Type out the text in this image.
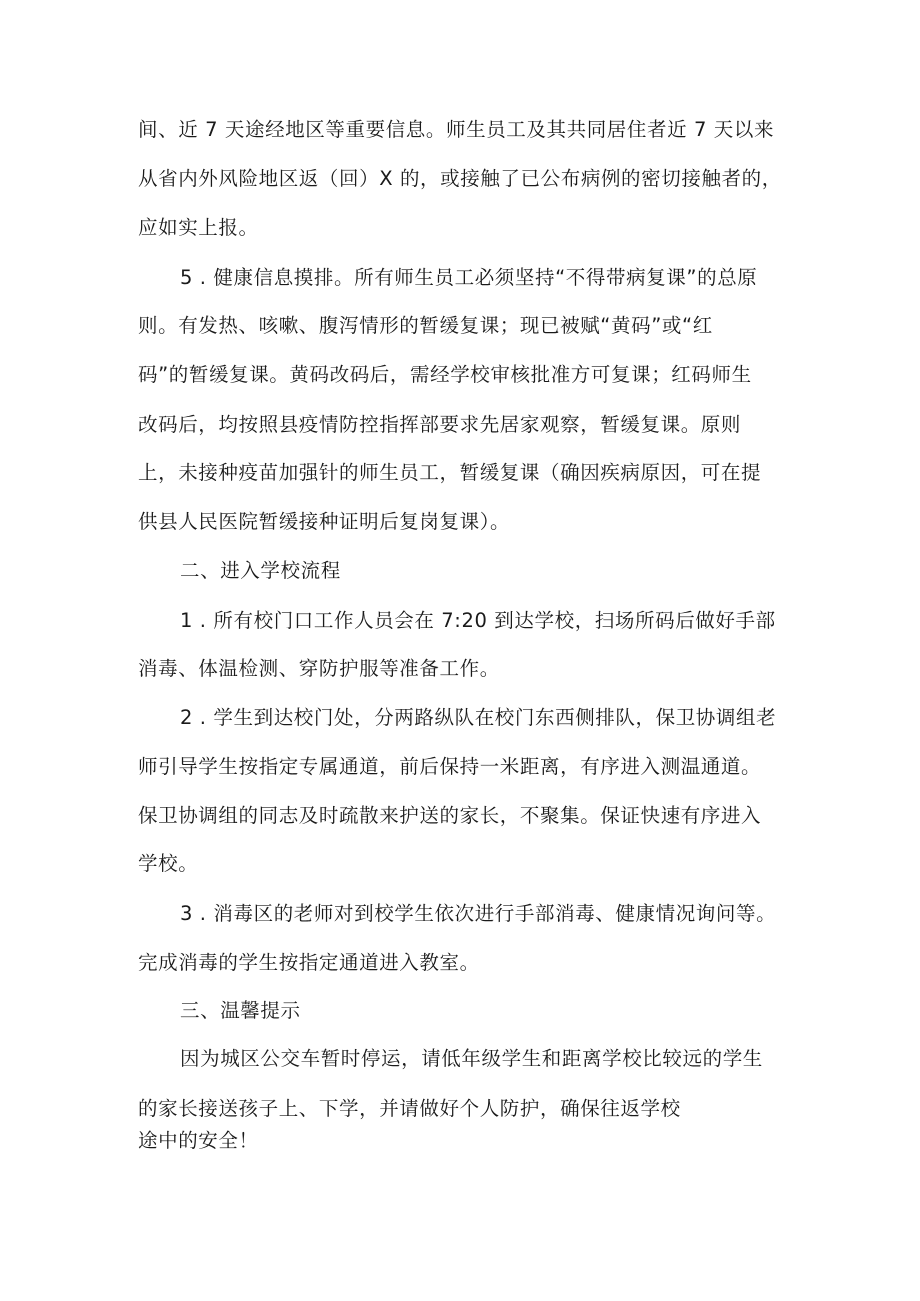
间、近 7 天途经地区等重要信息。师生员工及其共同居住者近 7 天以来
从省内外风险地区返（回）X 的，或接触了已公布病例的密切接触者的，
应如实上报。
5 . 健康信息摸排。所有师生员工必须坚持“不得带病复课”的总原
则。有发热、咳嗽、腹泻情形的暂缓复课；现已被赋“黄码”或“红
码”的暂缓复课。黄码改码后，需经学校审核批准方可复课；红码师生
改码后，均按照县疫情防控指挥部要求先居家观察，暂缓复课。原则
上，未接种疫苗加强针的师生员工，暂缓复课（确因疾病原因，可在提
供县人民医院暂缓接种证明后复岗复课）。
二、进入学校流程
1 . 所有校门口工作人员会在 7:20 到达学校，扫场所码后做好手部
消毒、体温检测、穿防护服等准备工作。
2 . 学生到达校门处，分两路纵队在校门东西侧排队，保卫协调组老
师引导学生按指定专属通道，前后保持一米距离，有序进入测温通道。
保卫协调组的同志及时疏散来护送的家长，不聚集。保证快速有序进入
学校。
3 . 消毒区的老师对到校学生依次进行手部消毒、健康情况询问等。
完成消毒的学生按指定通道进入教室。
三、温馨提示
因为城区公交车暂时停运，请低年级学生和距离学校比较远的学生
的家长接送孩子上、下学，并请做好个人防护，确保往返学校
途中的安全！
